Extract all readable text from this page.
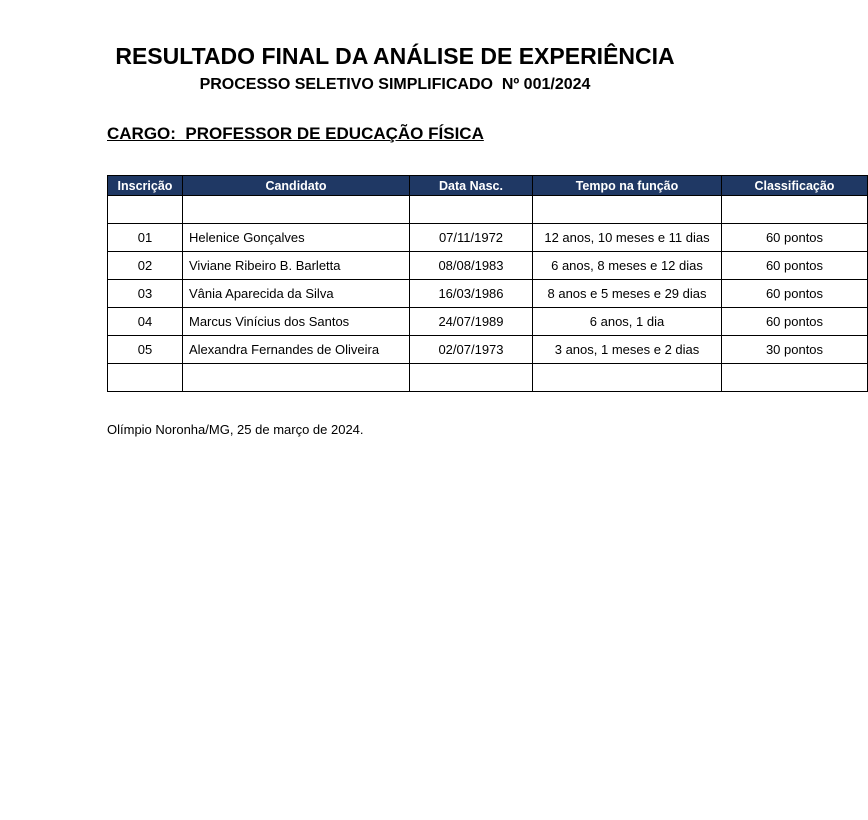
RESULTADO FINAL DA ANÁLISE DE EXPERIÊNCIA
PROCESSO SELETIVO SIMPLIFICADO  Nº 001/2024

CARGO:  PROFESSOR DE EDUCAÇÃO FÍSICA

Inscrição	Candidato	Data Nasc.	Tempo na função	Classificação

01	Helenice Gonçalves	07/11/1972	12 anos, 10 meses e 11 dias	60 pontos
02	Viviane Ribeiro B. Barletta	08/08/1983	6 anos, 8 meses e 12 dias	60 pontos
03	Vânia Aparecida da Silva	16/03/1986	8 anos e 5 meses e 29 dias	60 pontos
04	Marcus Vinícius dos Santos	24/07/1989	6 anos, 1 dia	60 pontos
05	Alexandra Fernandes de Oliveira	02/07/1973	3 anos, 1 meses e 2 dias	30 pontos

Olímpio Noronha/MG, 25 de março de 2024.
